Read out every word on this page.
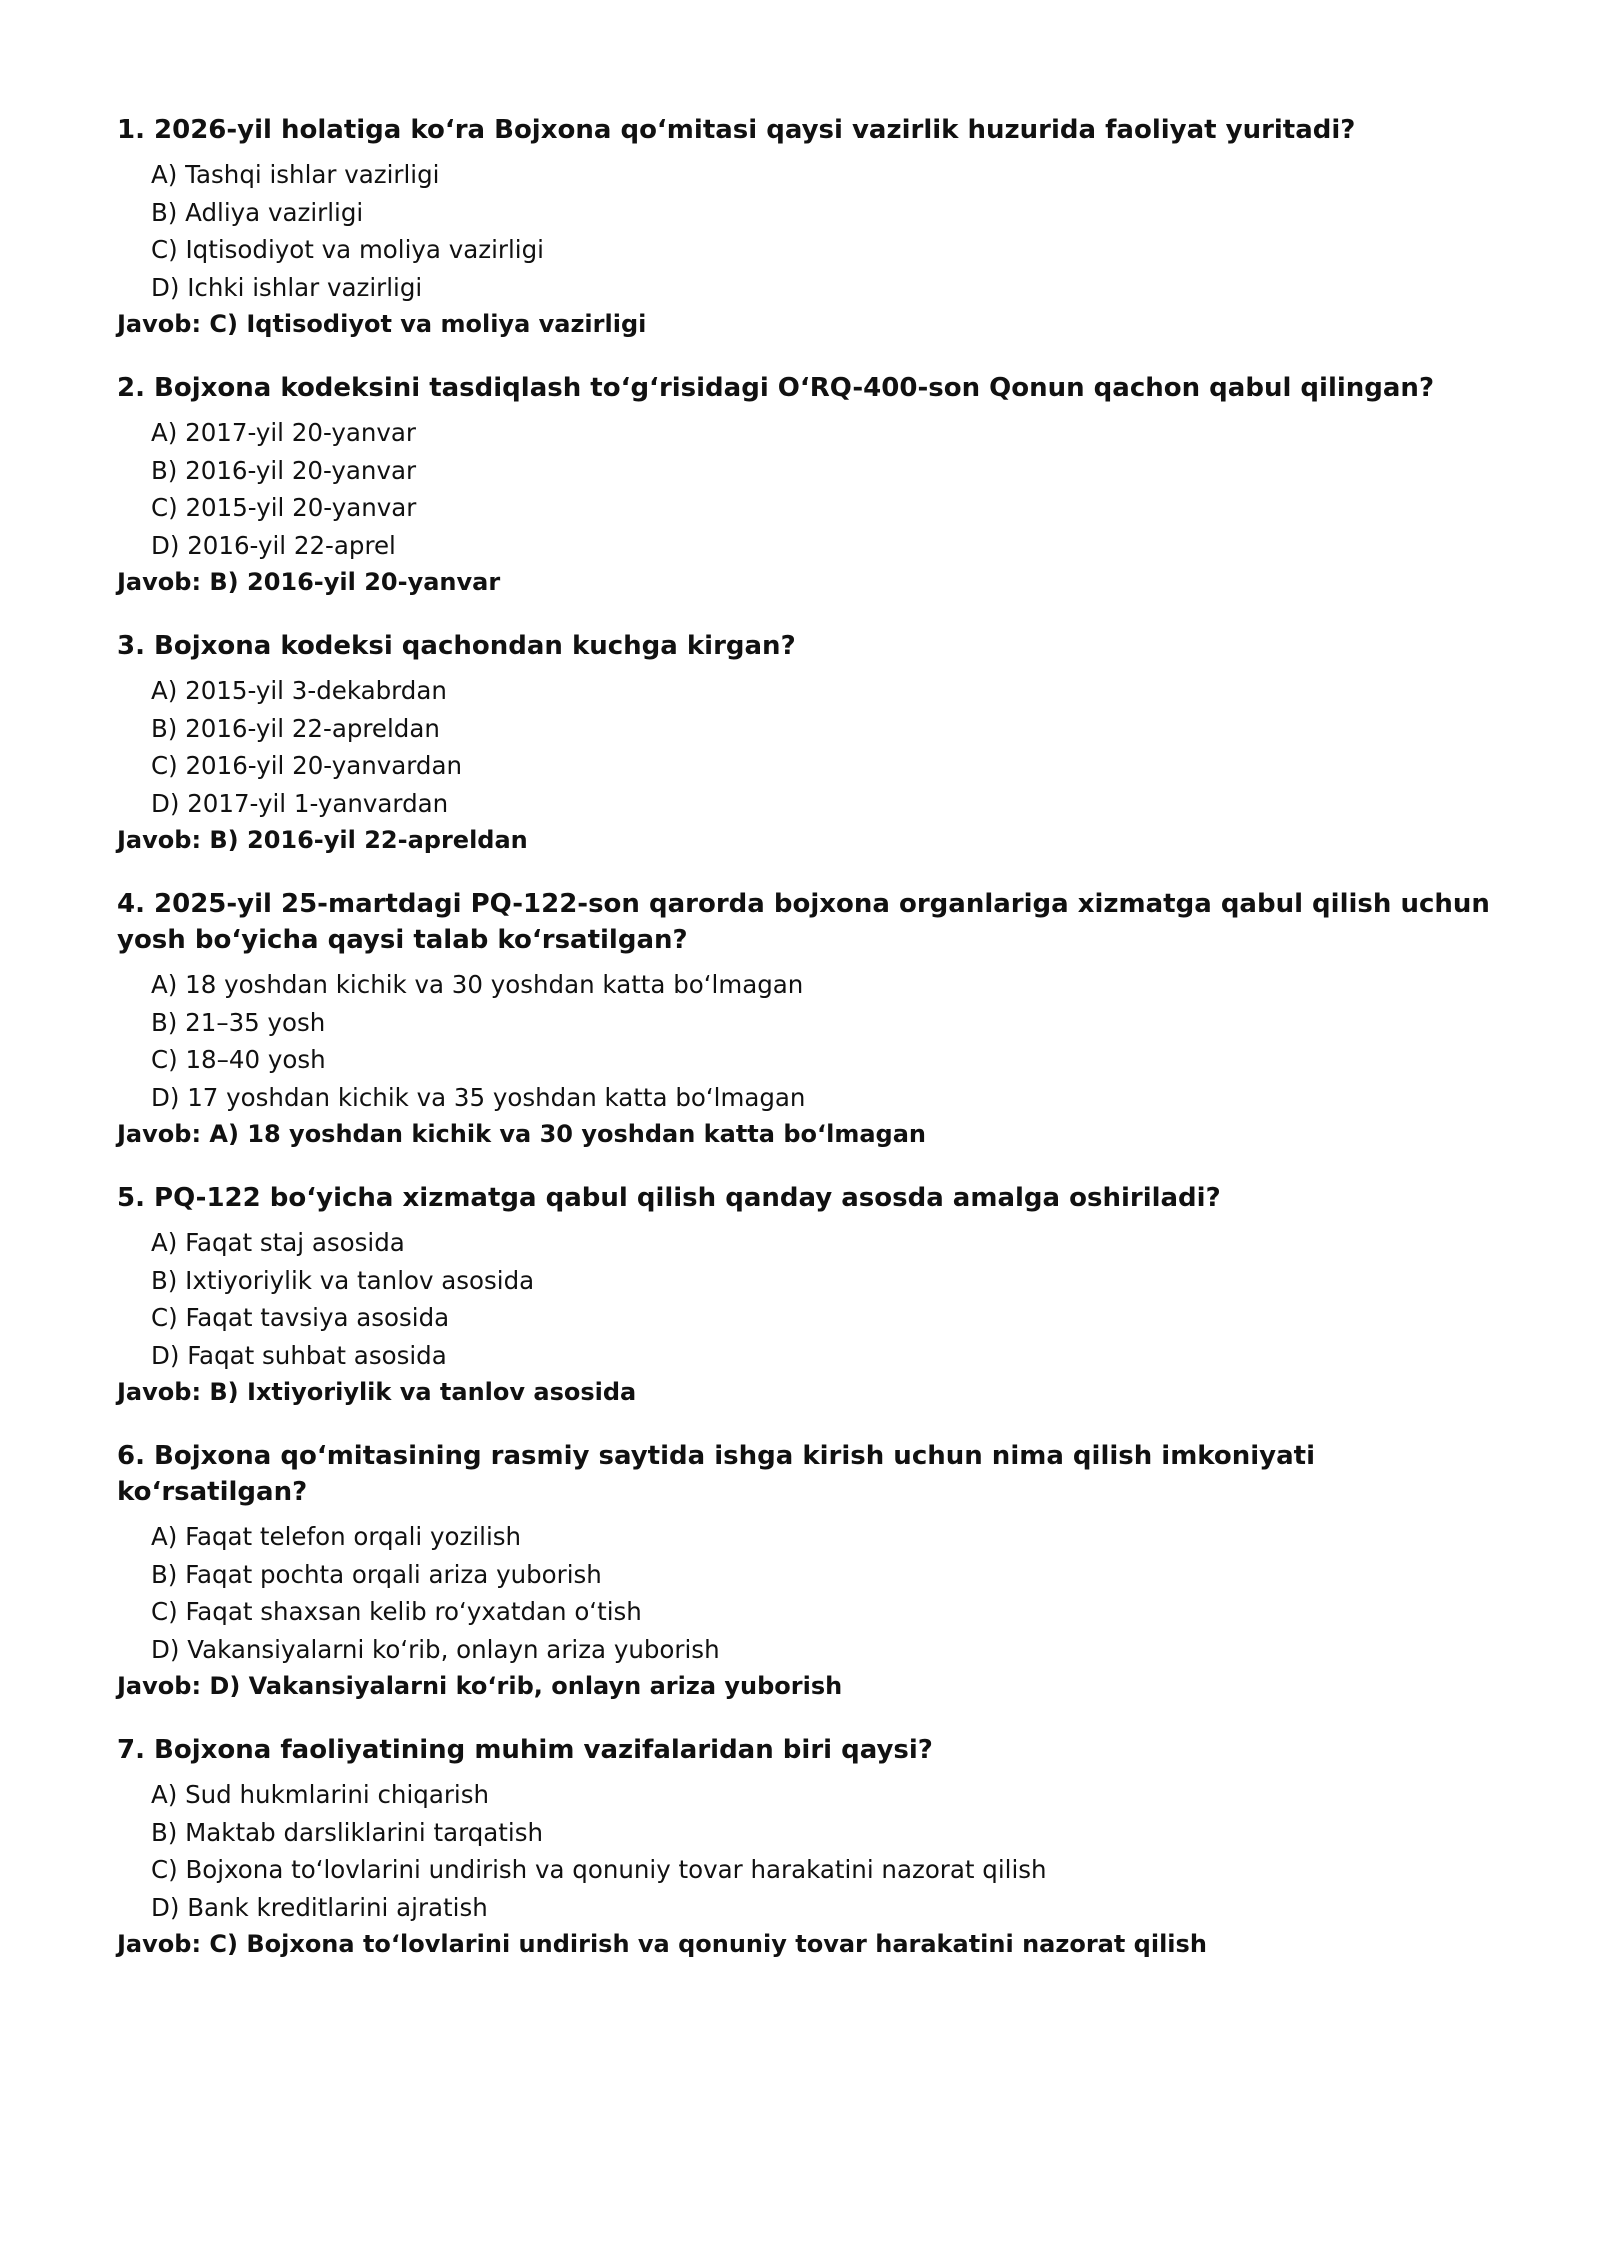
1. 2026-yil holatiga ko‘ra Bojxona qo‘mitasi qaysi vazirlik huzurida faoliyat yuritadi?

A) Tashqi ishlar vazirligi
B) Adliya vazirligi
C) Iqtisodiyot va moliya vazirligi
D) Ichki ishlar vazirligi

Javob: C) Iqtisodiyot va moliya vazirligi

2. Bojxona kodeksini tasdiqlash to‘g‘risidagi O‘RQ-400-son Qonun qachon qabul qilingan?

A) 2017-yil 20-yanvar
B) 2016-yil 20-yanvar
C) 2015-yil 20-yanvar
D) 2016-yil 22-aprel

Javob: B) 2016-yil 20-yanvar

3. Bojxona kodeksi qachondan kuchga kirgan?

A) 2015-yil 3-dekabrdan
B) 2016-yil 22-apreldan
C) 2016-yil 20-yanvardan
D) 2017-yil 1-yanvardan

Javob: B) 2016-yil 22-apreldan

4. 2025-yil 25-martdagi PQ-122-son qarorda bojxona organlariga xizmatga qabul qilish uchun yosh bo‘yicha qaysi talab ko‘rsatilgan?

A) 18 yoshdan kichik va 30 yoshdan katta bo‘lmagan
B) 21–35 yosh
C) 18–40 yosh
D) 17 yoshdan kichik va 35 yoshdan katta bo‘lmagan

Javob: A) 18 yoshdan kichik va 30 yoshdan katta bo‘lmagan

5. PQ-122 bo‘yicha xizmatga qabul qilish qanday asosda amalga oshiriladi?

A) Faqat staj asosida
B) Ixtiyoriylik va tanlov asosida
C) Faqat tavsiya asosida
D) Faqat suhbat asosida

Javob: B) Ixtiyoriylik va tanlov asosida

6. Bojxona qo‘mitasining rasmiy saytida ishga kirish uchun nima qilish imkoniyati ko‘rsatilgan?

A) Faqat telefon orqali yozilish
B) Faqat pochta orqali ariza yuborish
C) Faqat shaxsan kelib ro‘yxatdan o‘tish
D) Vakansiyalarni ko‘rib, onlayn ariza yuborish

Javob: D) Vakansiyalarni ko‘rib, onlayn ariza yuborish

7. Bojxona faoliyatining muhim vazifalaridan biri qaysi?

A) Sud hukmlarini chiqarish
B) Maktab darsliklarini tarqatish
C) Bojxona to‘lovlarini undirish va qonuniy tovar harakatini nazorat qilish
D) Bank kreditlarini ajratish

Javob: C) Bojxona to‘lovlarini undirish va qonuniy tovar harakatini nazorat qilish
